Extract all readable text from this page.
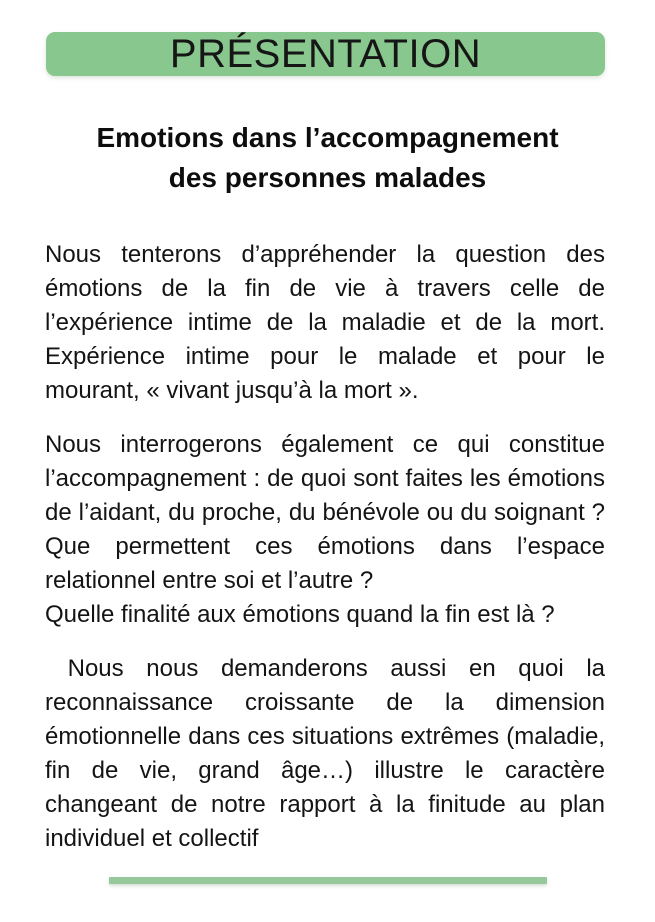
PRÉSENTATION
Emotions dans l’accompagnement
des personnes malades

Nous tenterons d’appréhender la question des émotions de la fin de vie à travers celle de l’expérience intime de la maladie et de la mort. Expérience intime pour le malade et pour le mourant, « vivant jusqu’à la mort ».

Nous interrogerons également ce qui constitue l’accompagnement : de quoi sont faites les émotions de l’aidant, du proche, du bénévole ou du soignant ? Que permettent ces émotions dans l’espace relationnel entre soi et l’autre ?

Quelle finalité aux émotions quand la fin est là ?

Nous nous demanderons aussi en quoi la reconnaissance croissante de la dimension émotionnelle dans ces situations extrêmes (maladie, fin de vie, grand âge…) illustre le caractère changeant de notre rapport à la finitude au plan individuel et collectif
